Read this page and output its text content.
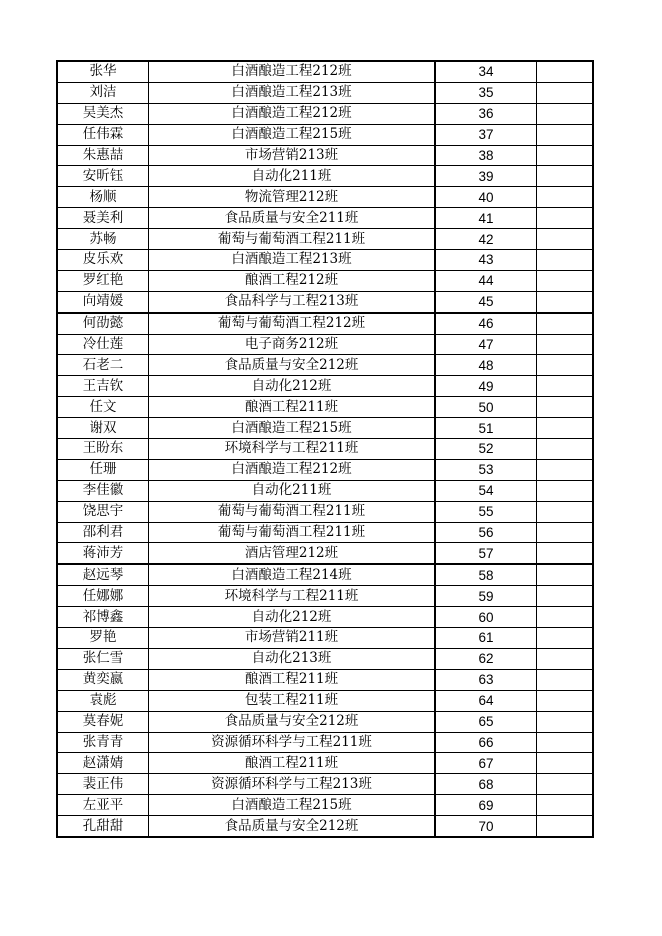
张华	白酒酿造工程212班	34	
刘洁	白酒酿造工程213班	35	
吴美杰	白酒酿造工程212班	36	
任伟霖	白酒酿造工程215班	37	
朱惠喆	市场营销213班	38	
安昕钰	自动化211班	39	
杨顺	物流管理212班	40	
聂美利	食品质量与安全211班	41	
苏畅	葡萄与葡萄酒工程211班	42	
皮乐欢	白酒酿造工程213班	43	
罗红艳	酿酒工程212班	44	
向靖媛	食品科学与工程213班	45	
何劭懿	葡萄与葡萄酒工程212班	46	
冷仕莲	电子商务212班	47	
石老二	食品质量与安全212班	48	
王吉钦	自动化212班	49	
任文	酿酒工程211班	50	
谢双	白酒酿造工程215班	51	
王盼东	环境科学与工程211班	52	
任珊	白酒酿造工程212班	53	
李佳徽	自动化211班	54	
饶思宇	葡萄与葡萄酒工程211班	55	
邵利君	葡萄与葡萄酒工程211班	56	
蒋沛芳	酒店管理212班	57	
赵远琴	白酒酿造工程214班	58	
任娜娜	环境科学与工程211班	59	
祁博鑫	自动化212班	60	
罗艳	市场营销211班	61	
张仁雪	自动化213班	62	
黄奕嬴	酿酒工程211班	63	
袁彪	包装工程211班	64	
莫春妮	食品质量与安全212班	65	
张青青	资源循环科学与工程211班	66	
赵潇婧	酿酒工程211班	67	
裴正伟	资源循环科学与工程213班	68	
左亚平	白酒酿造工程215班	69	
孔甜甜	食品质量与安全212班	70	
